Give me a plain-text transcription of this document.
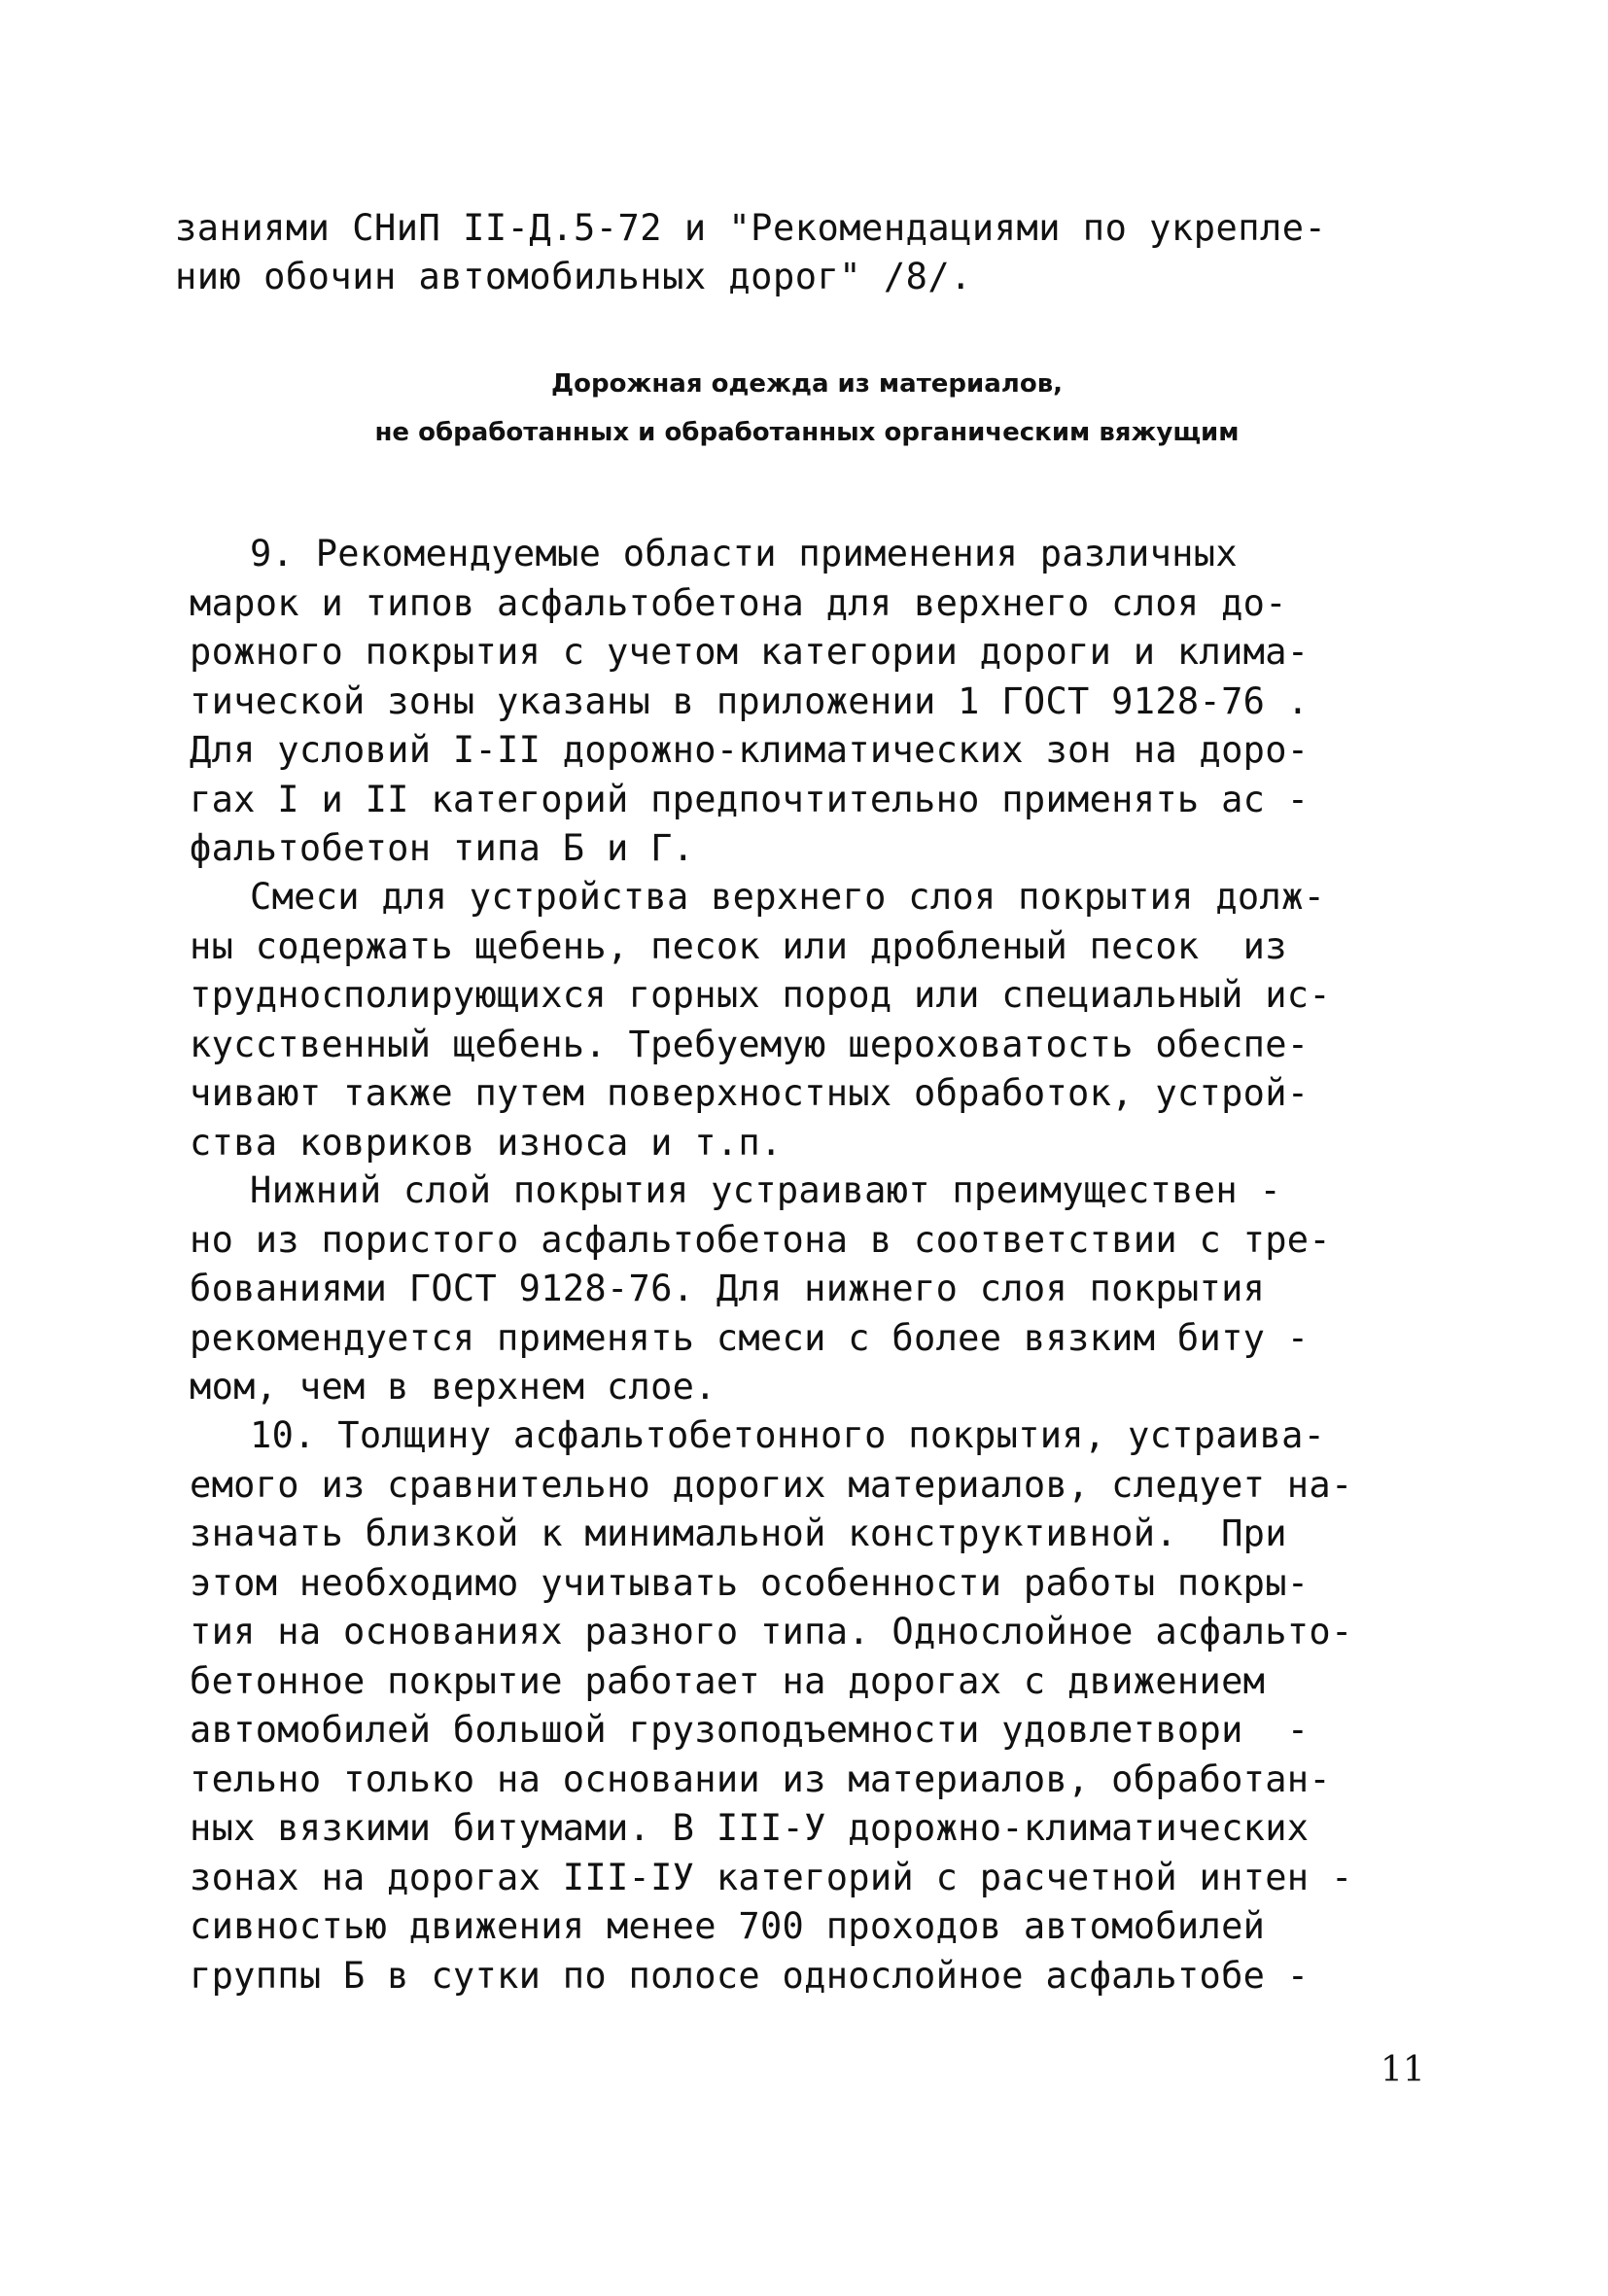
заниями СНиП II-Д.5-72 и "Рекомендациями по укрепле-
нию обочин автомобильных дорог" /8/.
Дорожная одежда из материалов,
не обработанных и обработанных органическим вяжущим
9. Рекомендуемые области применения различных
марок и типов асфальтобетона для верхнего слоя до-
рожного покрытия с учетом категории дороги и клима-
тической зоны указаны в приложении 1 ГОСТ 9128-76 .
Для условий I-II дорожно-климатических зон на доро-
гах I и II категорий предпочтительно применять ас -
фальтобетон типа Б и Г.
Смеси для устройства верхнего слоя покрытия долж-
ны содержать щебень, песок или дробленый песок  из
трудносполирующихся горных пород или специальный ис-
кусственный щебень. Требуемую шероховатость обеспе-
чивают также путем поверхностных обработок, устрой-
ства ковриков износа и т.п.
Нижний слой покрытия устраивают преимуществен -
но из пористого асфальтобетона в соответствии с тре-
бованиями ГОСТ 9128-76. Для нижнего слоя покрытия
рекомендуется применять смеси с более вязким биту -
мом, чем в верхнем слое.
10. Толщину асфальтобетонного покрытия, устраива-
емого из сравнительно дорогих материалов, следует на-
значать близкой к минимальной конструктивной.  При
этом необходимо учитывать особенности работы покры-
тия на основаниях разного типа. Однослойное асфальто-
бетонное покрытие работает на дорогах с движением
автомобилей большой грузоподъемности удовлетвори  -
тельно только на основании из материалов, обработан-
ных вязкими битумами. В III-У дорожно-климатических
зонах на дорогах III-IУ категорий с расчетной интен -
сивностью движения менее 700 проходов автомобилей
группы Б в сутки по полосе однослойное асфальтобе -
11
